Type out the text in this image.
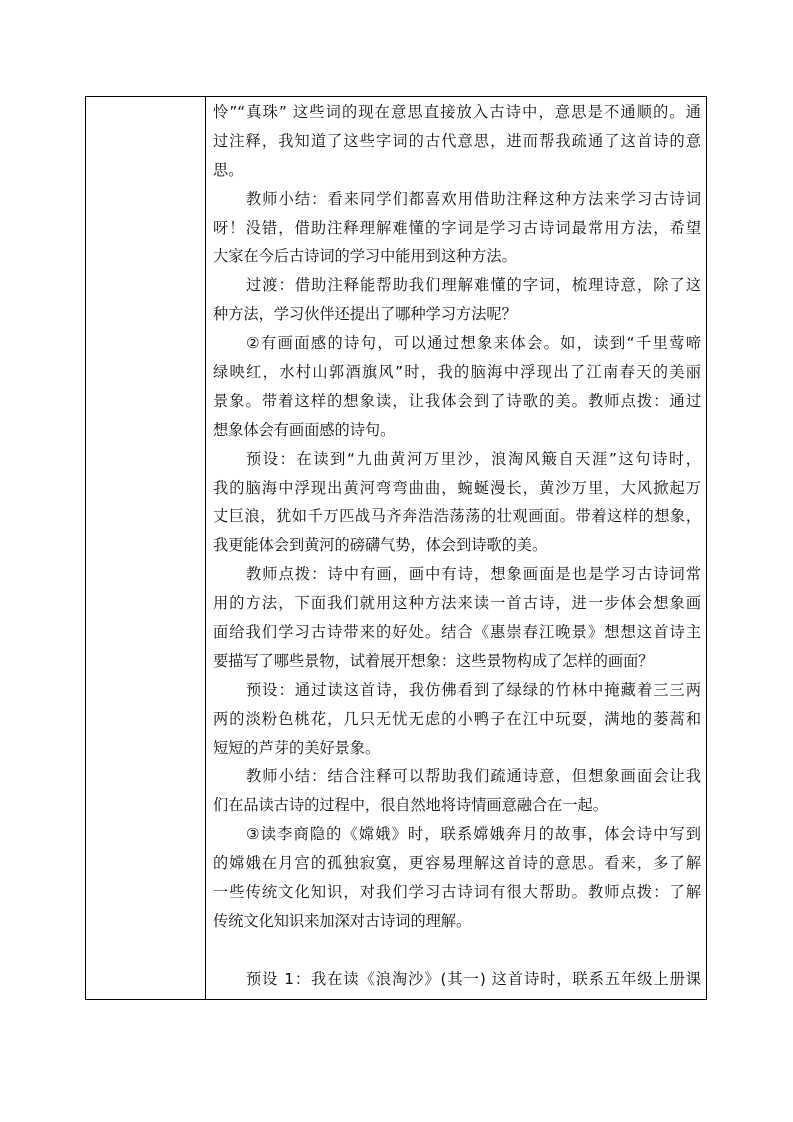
怜”“真珠” 这些词的现在意思直接放入古诗中，意思是不通顺的。通
过注释，我知道了这些字词的古代意思，进而帮我疏通了这首诗的意
思。
教师小结：看来同学们都喜欢用借助注释这种方法来学习古诗词
呀！没错，借助注释理解难懂的字词是学习古诗词最常用方法，希望
大家在今后古诗词的学习中能用到这种方法。
过渡：借助注释能帮助我们理解难懂的字词，梳理诗意，除了这
种方法，学习伙伴还提出了哪种学习方法呢？
②有画面感的诗句，可以通过想象来体会。如，读到“千里莺啼
绿映红，水村山郭酒旗风”时，我的脑海中浮现出了江南春天的美丽
景象。带着这样的想象读，让我体会到了诗歌的美。教师点拨：通过
想象体会有画面感的诗句。
预设：在读到“九曲黄河万里沙，浪淘风簸自天涯”这句诗时，
我的脑海中浮现出黄河弯弯曲曲，蜿蜒漫长，黄沙万里，大风掀起万
丈巨浪，犹如千万匹战马齐奔浩浩荡荡的壮观画面。带着这样的想象，
我更能体会到黄河的磅礴气势，体会到诗歌的美。
教师点拨：诗中有画，画中有诗，想象画面是也是学习古诗词常
用的方法，下面我们就用这种方法来读一首古诗，进一步体会想象画
面给我们学习古诗带来的好处。结合《惠崇春江晚景》想想这首诗主
要描写了哪些景物，试着展开想象：这些景物构成了怎样的画面？
预设：通过读这首诗，我仿佛看到了绿绿的竹林中掩藏着三三两
两的淡粉色桃花，几只无忧无虑的小鸭子在江中玩耍，满地的蒌蒿和
短短的芦芽的美好景象。
教师小结：结合注释可以帮助我们疏通诗意，但想象画面会让我
们在品读古诗的过程中，很自然地将诗情画意融合在一起。
③读李商隐的《嫦娥》时，联系嫦娥奔月的故事，体会诗中写到
的嫦娥在月宫的孤独寂寞，更容易理解这首诗的意思。看来，多了解
一些传统文化知识，对我们学习古诗词有很大帮助。教师点拨：了解
传统文化知识来加深对古诗词的理解。
预设 1：我在读《浪淘沙》(其一) 这首诗时，联系五年级上册课
